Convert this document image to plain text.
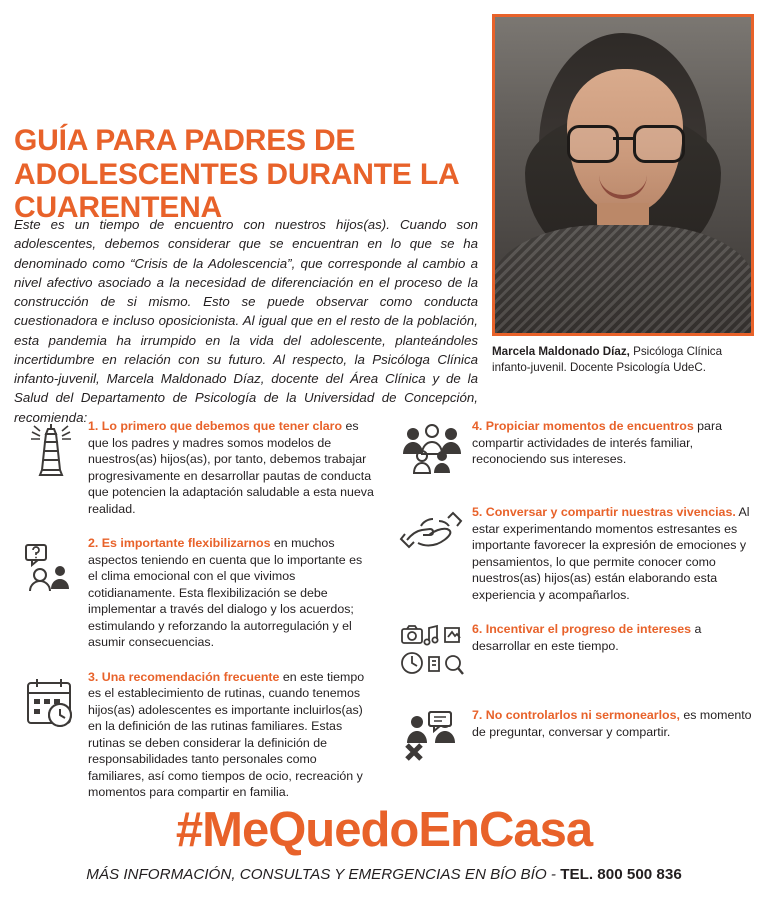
GUÍA PARA PADRES DE ADOLESCENTES DURANTE LA CUARENTENA
Este es un tiempo de encuentro con nuestros hijos(as). Cuando son adolescentes, debemos considerar que se encuentran en lo que se ha denominado como “Crisis de la Adolescencia”, que corresponde al cambio a nivel afectivo asociado a la necesidad de diferenciación en el proceso de la construcción de si mismo. Esto se puede observar como conducta cuestionadora e incluso oposicionista. Al igual que en el resto de la población, esta pandemia ha irrumpido en la vida del adolescente, planteándoles incertidumbre en relación con su futuro. Al respecto, la Psicóloga Clínica infanto-juvenil, Marcela Maldonado Díaz, docente del Área Clínica y de la Salud del Departamento de Psicología de la Universidad de Concepción, recomienda:
Marcela Maldonado Díaz, Psicóloga Clínica infanto-juvenil. Docente Psicología UdeC.
1. Lo primero que debemos que tener claro es que los padres y madres somos modelos de nuestros(as) hijos(as), por tanto, debemos trabajar progresivamente en desarrollar pautas de conducta que potencien la adaptación saludable a esta nueva realidad.
2. Es importante flexibilizarnos en muchos aspectos teniendo en cuenta que lo importante es el clima emocional con el que vivimos cotidianamente. Esta flexibilización se debe implementar a través del dialogo y los acuerdos; estimulando y reforzando la autorregulación y el asumir consecuencias.
3. Una recomendación frecuente en este tiempo es el establecimiento de rutinas, cuando tenemos hijos(as) adolescentes es importante incluirlos(as) en la definición de las rutinas familiares. Estas rutinas se deben considerar la definición de responsabilidades tanto personales como familiares, así como tiempos de ocio, recreación y momentos para compartir en familia.
4. Propiciar momentos de encuentros para compartir actividades de interés familiar, reconociendo sus intereses.
5. Conversar y compartir nuestras vivencias. Al estar experimentando momentos estresantes es importante favorecer la expresión de emociones y pensamientos, lo que permite conocer como nuestros(as) hijos(as) están elaborando esta experiencia y acompañarlos.
6. Incentivar el progreso de intereses a desarrollar en este tiempo.
7. No controlarlos ni sermonearlos, es momento de preguntar, conversar y compartir.
#MeQuedoEnCasa
MÁS INFORMACIÓN, CONSULTAS Y EMERGENCIAS EN BÍO BÍO - TEL. 800 500 836
